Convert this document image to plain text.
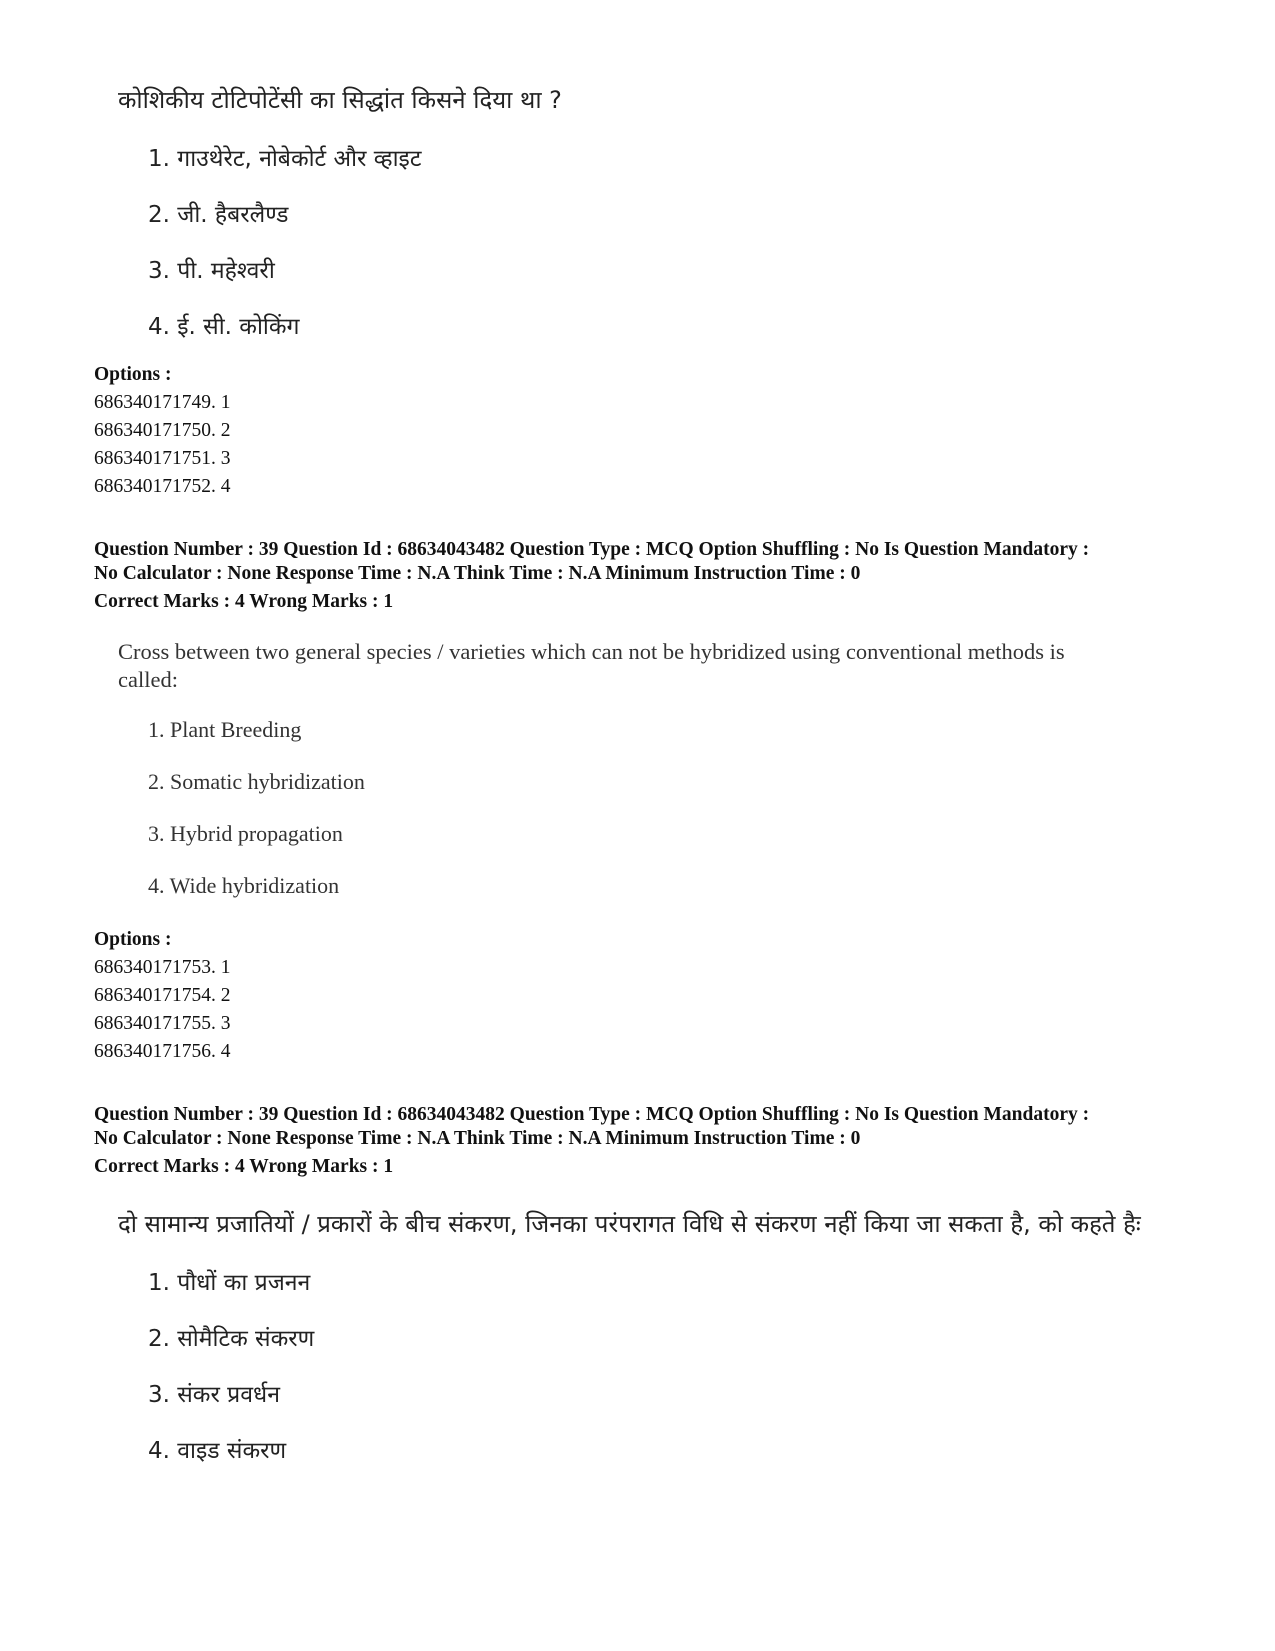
कोशिकीय टोटिपोटेंसी का सिद्धांत किसने दिया था ?
1. गाउथेरेट, नोबेकोर्ट और व्हाइट
2. जी. हैबरलैण्ड
3. पी. महेश्वरी
4. ई. सी. कोकिंग
Options :
686340171749. 1
686340171750. 2
686340171751. 3
686340171752. 4
Question Number : 39 Question Id : 68634043482 Question Type : MCQ Option Shuffling : No Is Question Mandatory :
No Calculator : None Response Time : N.A Think Time : N.A Minimum Instruction Time : 0
Correct Marks : 4 Wrong Marks : 1
Cross between two general species / varieties which can not be hybridized using conventional methods is
called:
1. Plant Breeding
2. Somatic hybridization
3. Hybrid propagation
4. Wide hybridization
Options :
686340171753. 1
686340171754. 2
686340171755. 3
686340171756. 4
Question Number : 39 Question Id : 68634043482 Question Type : MCQ Option Shuffling : No Is Question Mandatory :
No Calculator : None Response Time : N.A Think Time : N.A Minimum Instruction Time : 0
Correct Marks : 4 Wrong Marks : 1
दो सामान्य प्रजातियों / प्रकारों के बीच संकरण, जिनका परंपरागत विधि से संकरण नहीं किया जा सकता है, को कहते हैः
1. पौधों का प्रजनन
2. सोमैटिक संकरण
3. संकर प्रवर्धन
4. वाइड संकरण
